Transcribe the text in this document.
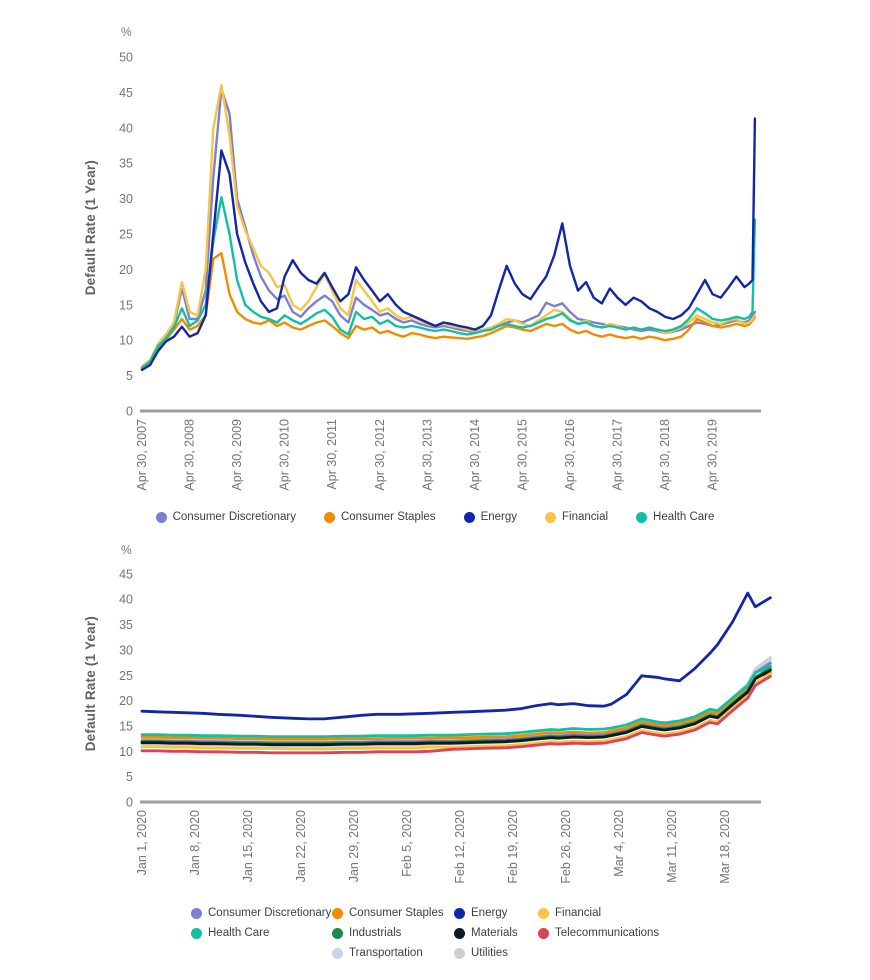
%
Default Rate (1 Year)
0
5
10
15
20
25
30
35
40
45
50
Apr 30, 2007	Apr 30, 2008	Apr 30, 2009	Apr 30, 2010	Apr 30, 2011	Apr 30, 2012	Apr 30, 2013	Apr 30, 2014	Apr 30, 2015	Apr 30, 2016	Apr 30, 2017	Apr 30, 2018	Apr 30, 2019
Consumer Discretionary	Consumer Staples	Energy	Financial	Health Care
%
Default Rate (1 Year)
0
5
10
15
20
25
30
35
40
45
Jan 1, 2020	Jan 8, 2020	Jan 15, 2020	Jan 22, 2020	Jan 29, 2020	Feb 5, 2020	Feb 12, 2020	Feb 19, 2020	Feb 26, 2020	Mar 4, 2020	Mar 11, 2020	Mar 18, 2020
Consumer Discretionary Consumer Staples Energy	Financial
Health Care	Industrials	Materials	Telecommunications
Transportation	Utilities
